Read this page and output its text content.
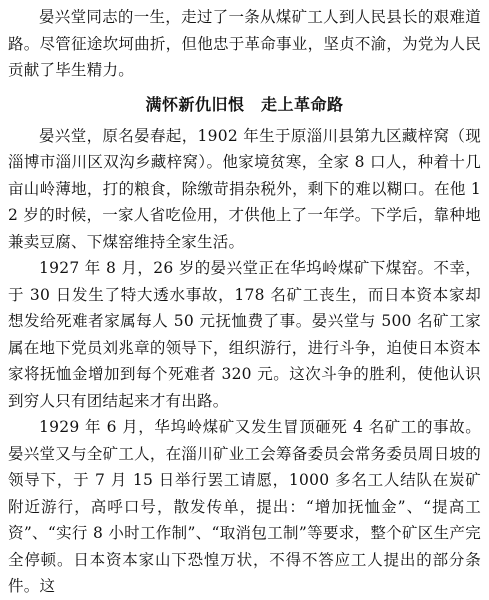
晏兴堂同志的一生，走过了一条从煤矿工人到人民县长的艰难道路。尽管征途坎坷曲折，但他忠于革命事业，坚贞不渝，为党为人民贡献了毕生精力。

满怀新仇旧恨　走上革命路

晏兴堂，原名晏春起，1902 年生于原淄川县第九区藏梓窝（现淄博市淄川区双沟乡藏梓窝）。他家境贫寒，全家 8 口人，种着十几亩山岭薄地，打的粮食，除缴苛捐杂税外，剩下的难以糊口。在他 12 岁的时候，一家人省吃俭用，才供他上了一年学。下学后，靠种地兼卖豆腐、下煤窑维持全家生活。

1927 年 8 月，26 岁的晏兴堂正在华坞岭煤矿下煤窑。不幸，于 30 日发生了特大透水事故，178 名矿工丧生，而日本资本家却想发给死难者家属每人 50 元抚恤费了事。晏兴堂与 500 名矿工家属在地下党员刘兆章的领导下，组织游行，进行斗争，迫使日本资本家将抚恤金增加到每个死难者 320 元。这次斗争的胜利，使他认识到穷人只有团结起来才有出路。

1929 年 6 月，华坞岭煤矿又发生冒顶砸死 4 名矿工的事故。晏兴堂又与全矿工人，在淄川矿业工会筹备委员会常务委员周日坡的领导下，于 7 月 15 日举行罢工请愿，1000 多名工人结队在炭矿附近游行，高呼口号，散发传单，提出：“增加抚恤金”、“提高工资”、“实行 8 小时工作制”、“取消包工制”等要求，整个矿区生产完全停顿。日本资本家山下恐惶万状，不得不答应工人提出的部分条件。这
